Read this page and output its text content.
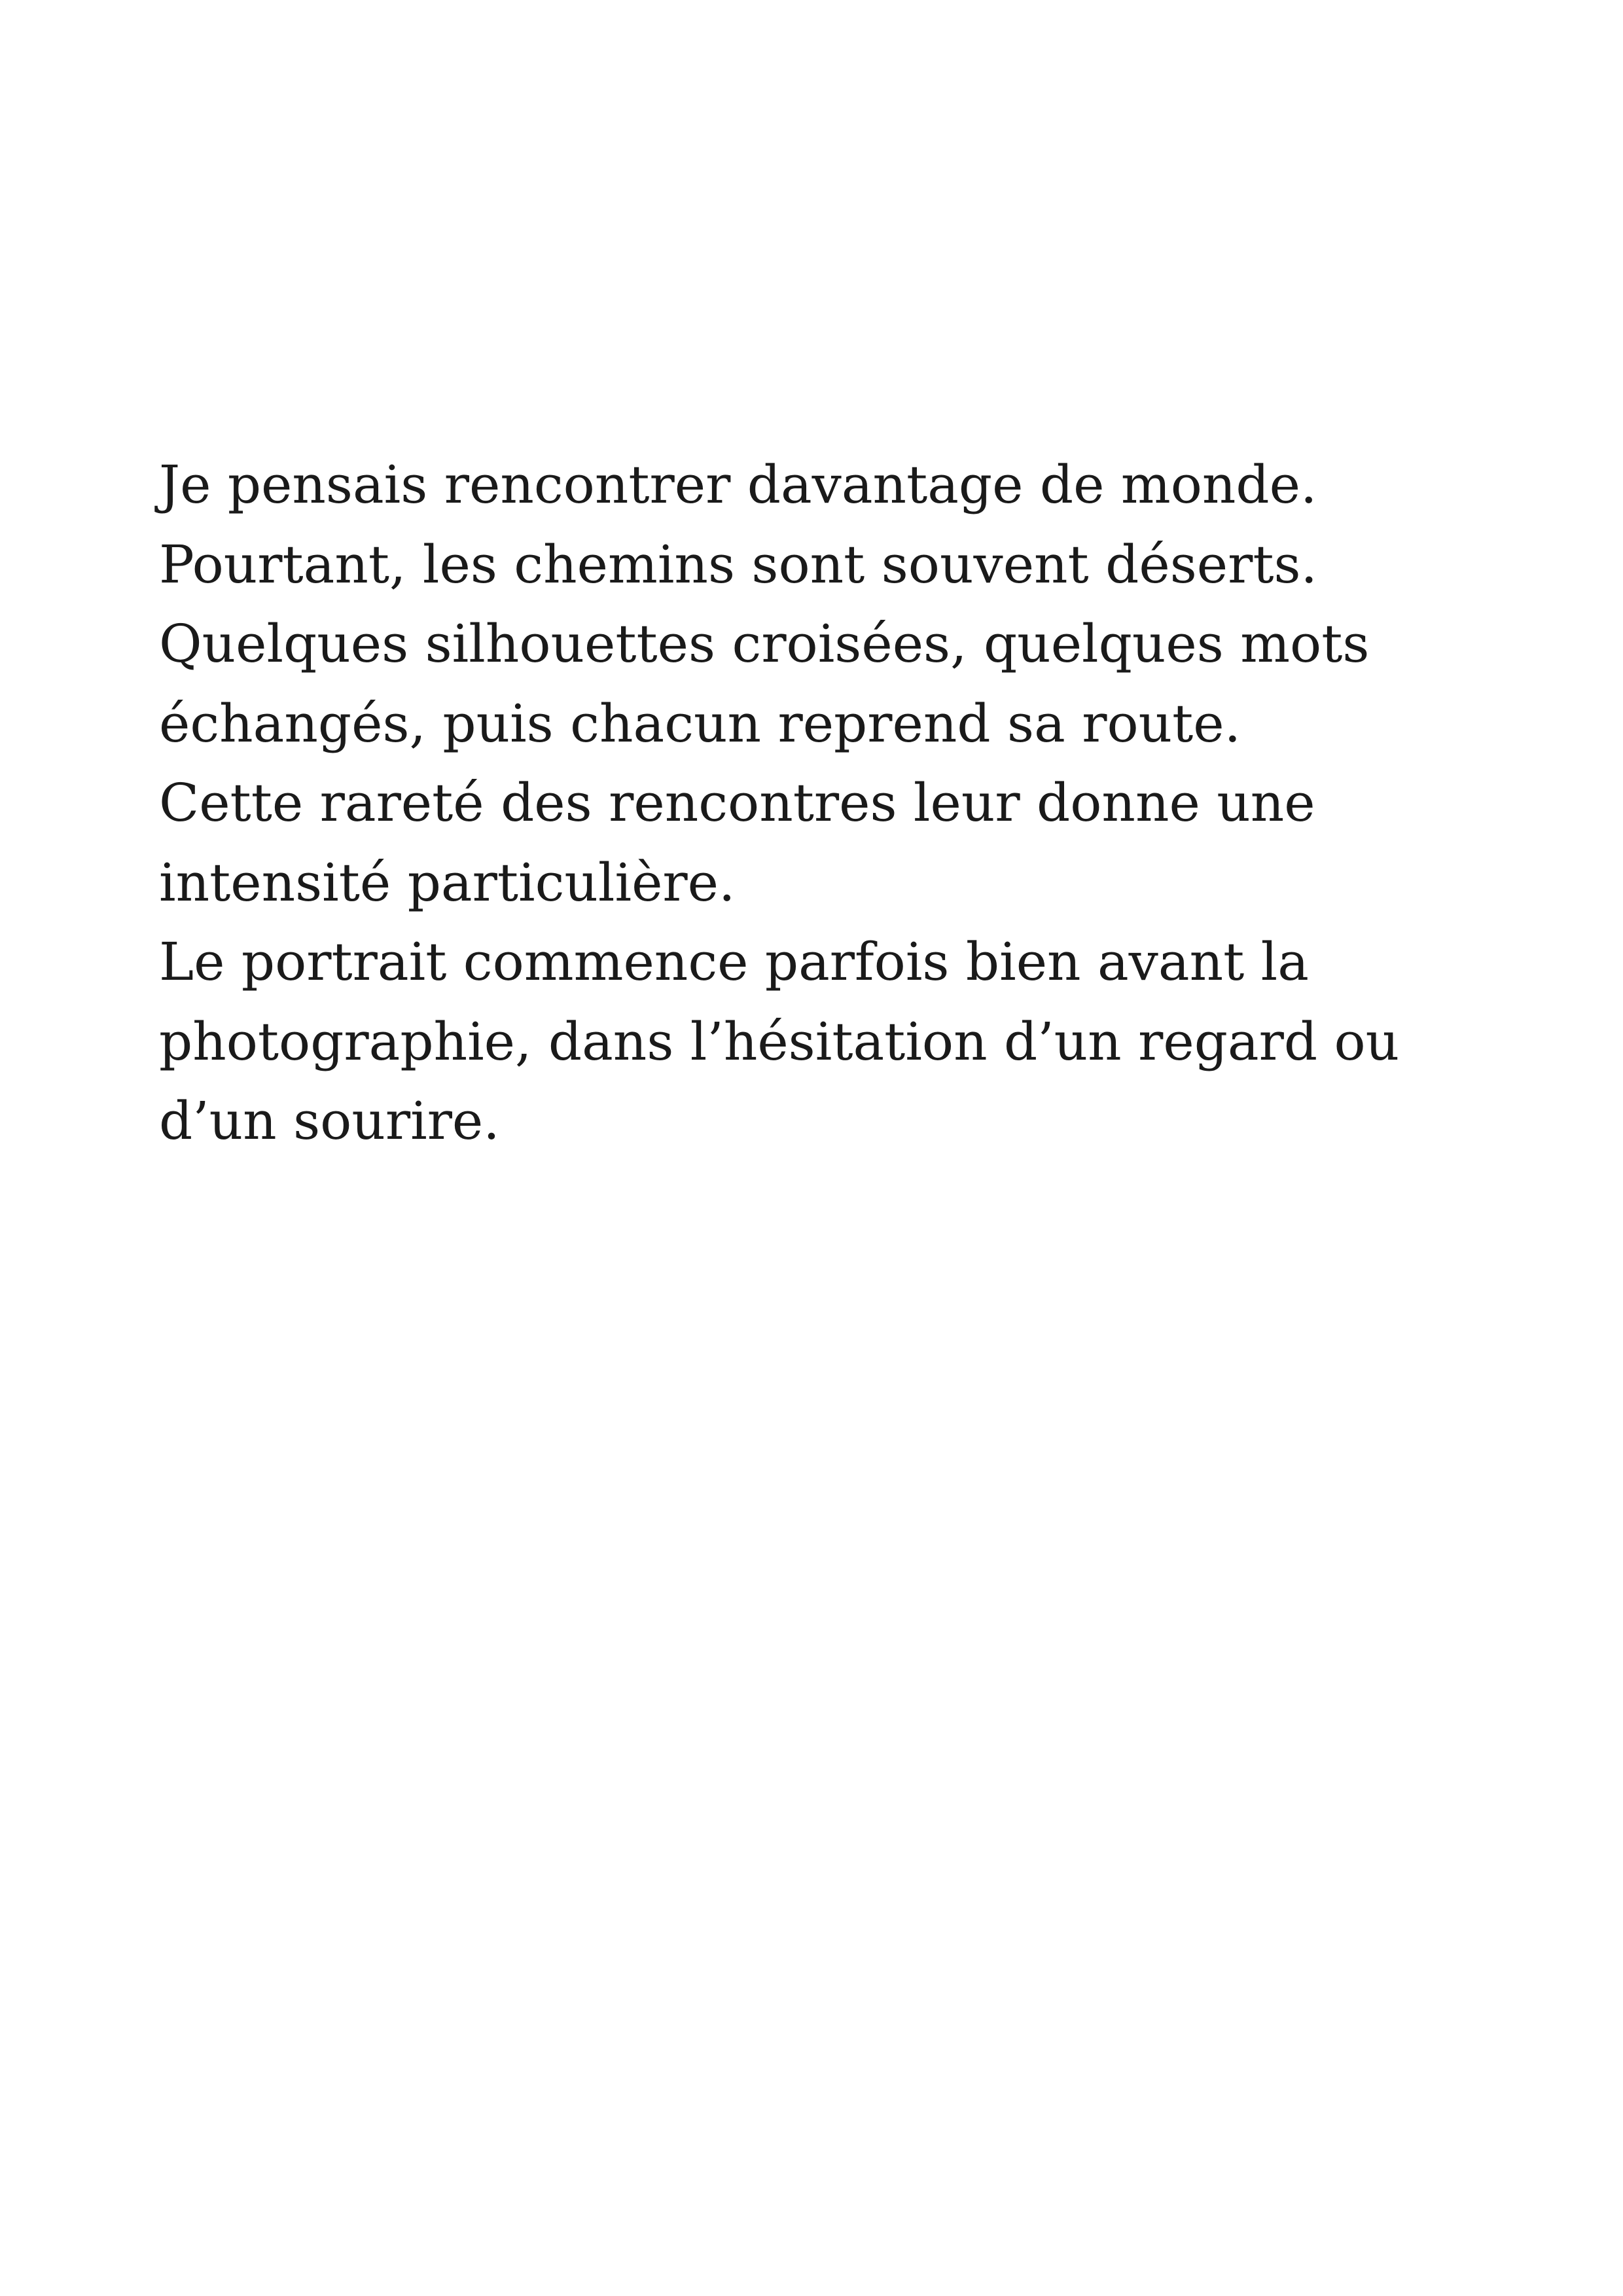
Je pensais rencontrer davantage de monde.
Pourtant, les chemins sont souvent déserts.
Quelques silhouettes croisées, quelques mots
échangés, puis chacun reprend sa route.
Cette rareté des rencontres leur donne une
intensité particulière.
Le portrait commence parfois bien avant la
photographie, dans l’hésitation d’un regard ou
d’un sourire.
